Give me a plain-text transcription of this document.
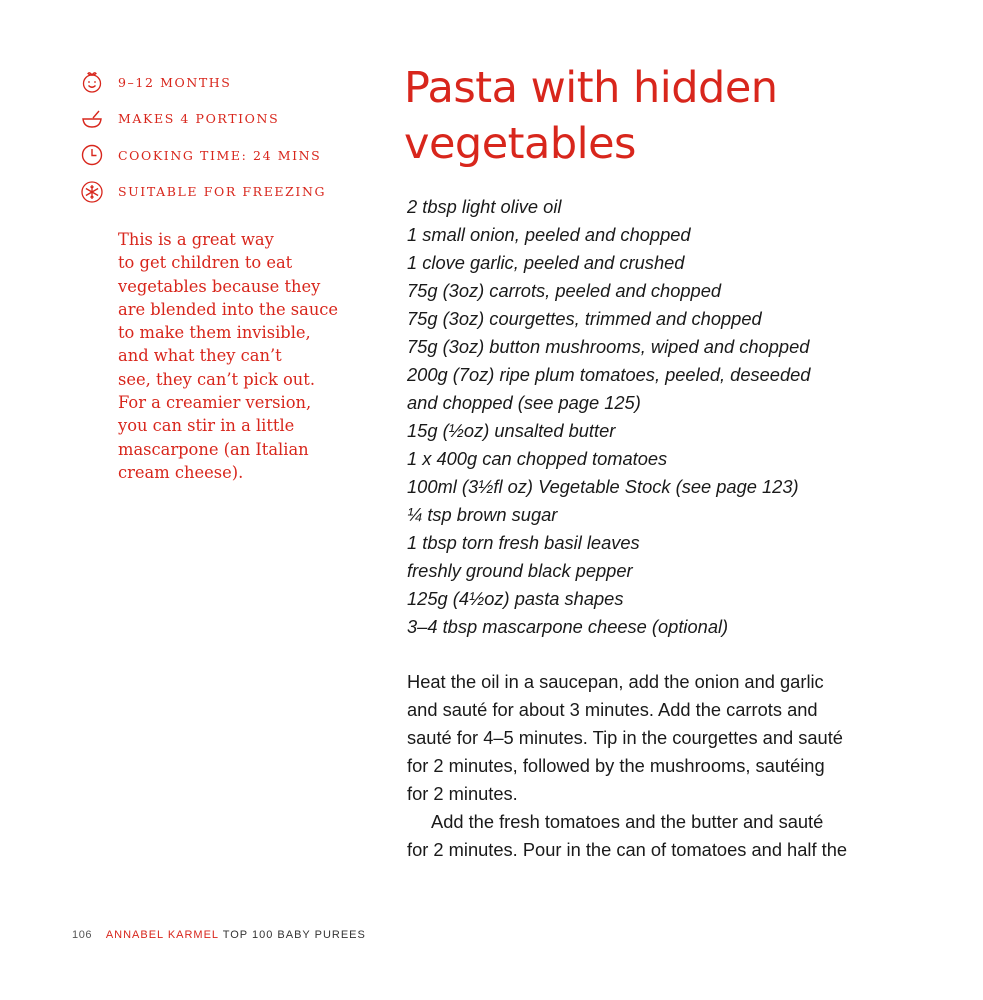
9–12 MONTHS
MAKES 4 PORTIONS
COOKING TIME: 24 MINS
SUITABLE FOR FREEZING

This is a great way
to get children to eat
vegetables because they
are blended into the sauce
to make them invisible,
and what they can’t
see, they can’t pick out.
For a creamier version,
you can stir in a little
mascarpone (an Italian
cream cheese).

Pasta with hidden
vegetables
2 tbsp light olive oil
1 small onion, peeled and chopped
1 clove garlic, peeled and crushed
75g (3oz) carrots, peeled and chopped
75g (3oz) courgettes, trimmed and chopped
75g (3oz) button mushrooms, wiped and chopped
200g (7oz) ripe plum tomatoes, peeled, deseeded
and chopped (see page 125)
15g (½oz) unsalted butter
1 x 400g can chopped tomatoes
100ml (3½fl oz) Vegetable Stock (see page 123)
¼ tsp brown sugar
1 tbsp torn fresh basil leaves
freshly ground black pepper
125g (4½oz) pasta shapes
3–4 tbsp mascarpone cheese (optional)
Heat the oil in a saucepan, add the onion and garlic
and sauté for about 3 minutes. Add the carrots and
sauté for 4–5 minutes. Tip in the courgettes and sauté
for 2 minutes, followed by the mushrooms, sautéing
for 2 minutes.
Add the fresh tomatoes and the butter and sauté
for 2 minutes. Pour in the can of tomatoes and half the
106 ANNABEL KARMEL TOP 100 BABY PUREES
